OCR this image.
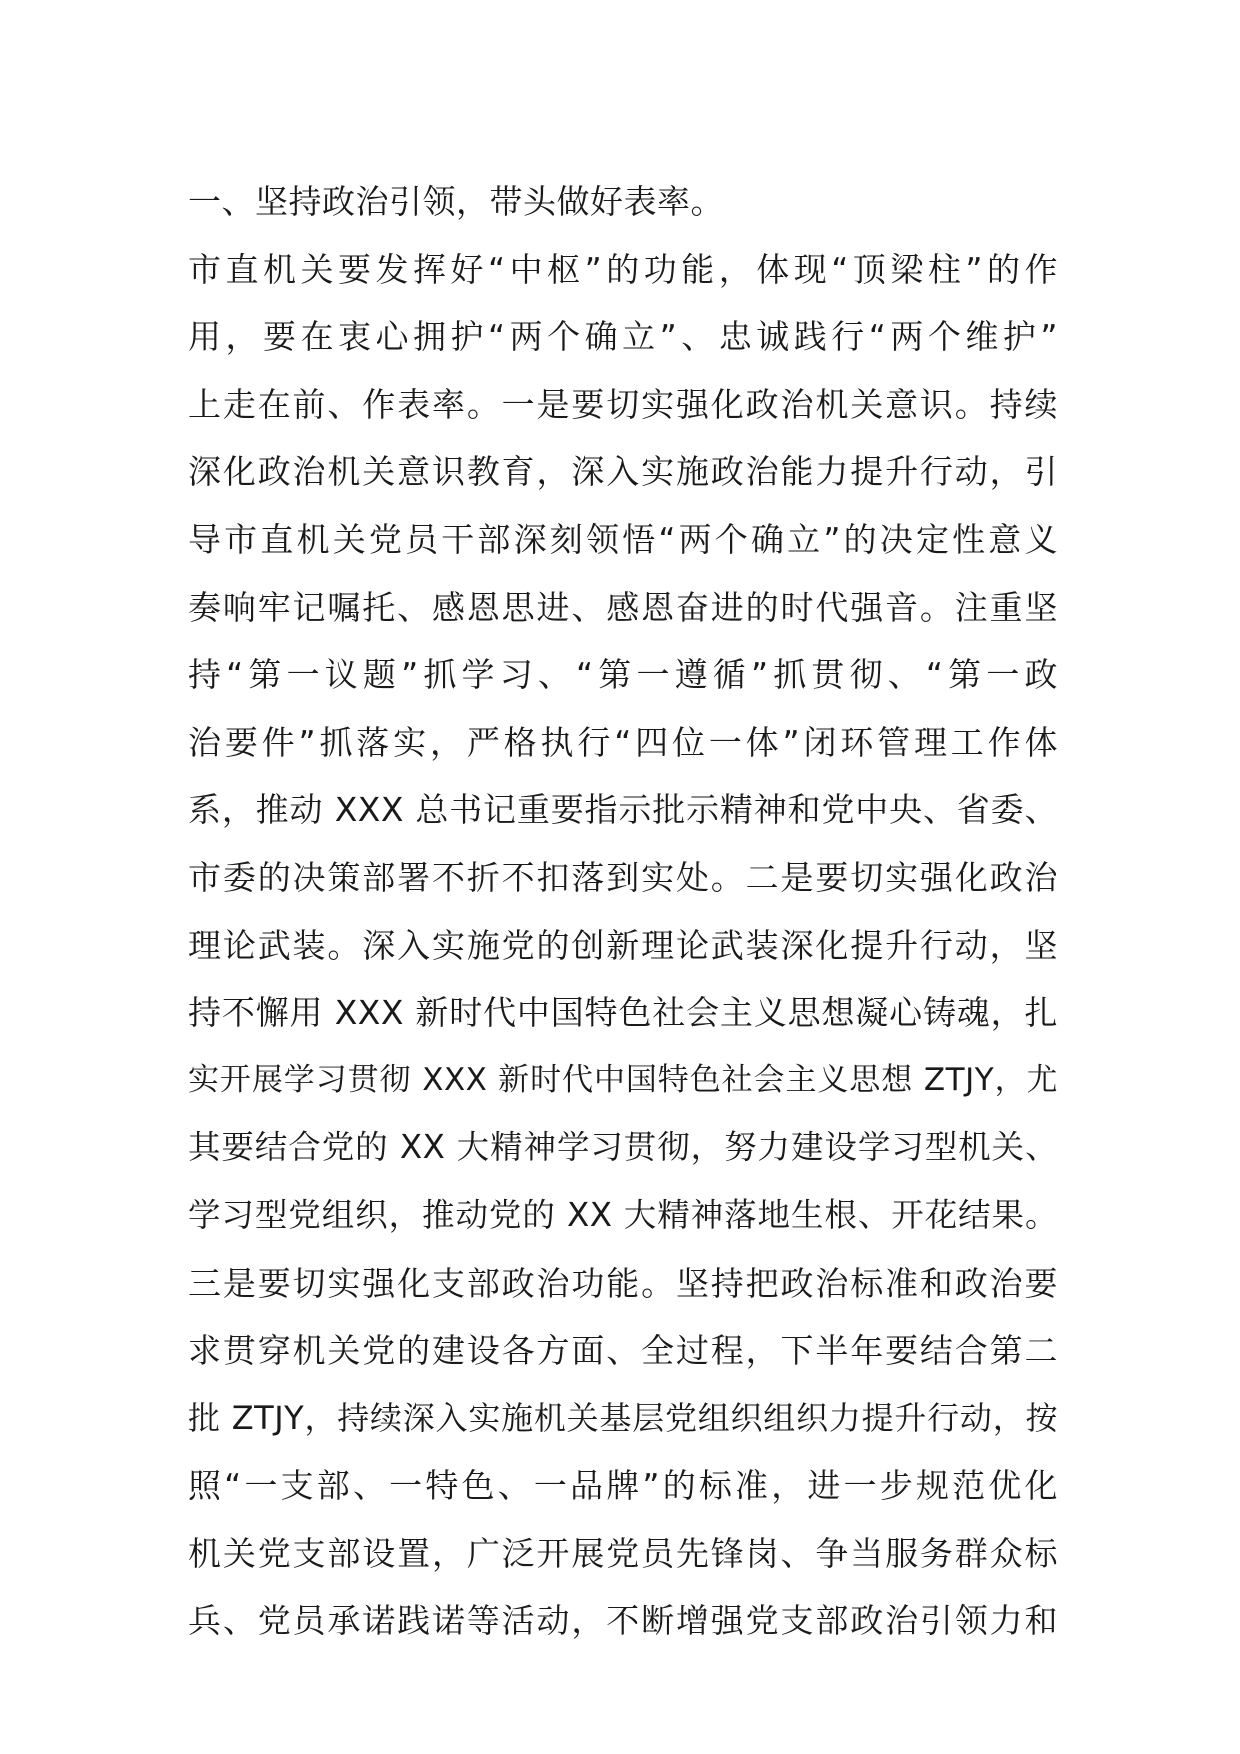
一、坚持政治引领，带头做好表率。
市直机关要发挥好“中枢”的功能，体现“顶梁柱”的作
用，要在衷心拥护“两个确立”、忠诚践行“两个维护”
上走在前、作表率。一是要切实强化政治机关意识。持续
深化政治机关意识教育，深入实施政治能力提升行动，引
导市直机关党员干部深刻领悟“两个确立”的决定性意义
奏响牢记嘱托、感恩思进、感恩奋进的时代强音。注重坚
持“第一议题”抓学习、“第一遵循”抓贯彻、“第一政
治要件”抓落实，严格执行“四位一体”闭环管理工作体
系，推动 XXX 总书记重要指示批示精神和党中央、省委、
市委的决策部署不折不扣落到实处。二是要切实强化政治
理论武装。深入实施党的创新理论武装深化提升行动，坚
持不懈用 XXX 新时代中国特色社会主义思想凝心铸魂，扎
实开展学习贯彻 XXX 新时代中国特色社会主义思想 ZTJY，尤
其要结合党的 XX 大精神学习贯彻，努力建设学习型机关、
学习型党组织，推动党的 XX 大精神落地生根、开花结果。
三是要切实强化支部政治功能。坚持把政治标准和政治要
求贯穿机关党的建设各方面、全过程，下半年要结合第二
批 ZTJY，持续深入实施机关基层党组织组织力提升行动，按
照“一支部、一特色、一品牌”的标准，进一步规范优化
机关党支部设置，广泛开展党员先锋岗、争当服务群众标
兵、党员承诺践诺等活动，不断增强党支部政治引领力和
